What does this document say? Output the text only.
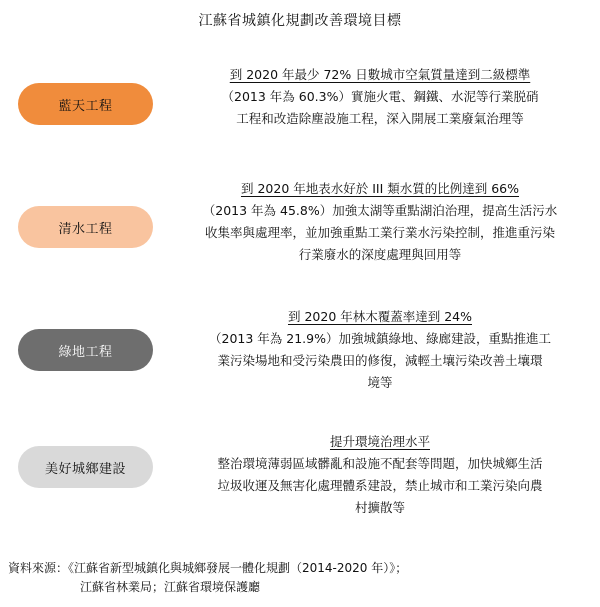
江蘇省城鎮化規劃改善環境目標
藍天工程
到 2020 年最少 72% 日數城市空氣質量達到二級標準
（2013 年為 60.3%）實施火電、鋼鐵、水泥等行業脱硝
工程和改造除塵設施工程，深入開展工業廢氣治理等
清水工程
到 2020 年地表水好於 III 類水質的比例達到 66%
（2013 年為 45.8%）加強太湖等重點湖泊治理，提高生活污水
收集率與處理率，並加強重點工業行業水污染控制，推進重污染
行業廢水的深度處理與回用等
綠地工程
到 2020 年林木覆蓋率達到 24%
（2013 年為 21.9%）加強城鎮綠地、綠廊建設，重點推進工
業污染場地和受污染農田的修復，減輕土壤污染改善土壤環
境等
美好城鄉建設
提升環境治理水平
整治環境薄弱區域髒亂和設施不配套等問題，加快城鄉生活
垃圾收運及無害化處理體系建設，禁止城市和工業污染向農
村擴散等
資料來源：《江蘇省新型城鎮化與城鄉發展一體化規劃（2014-2020 年）》；
江蘇省林業局；江蘇省環境保護廳
